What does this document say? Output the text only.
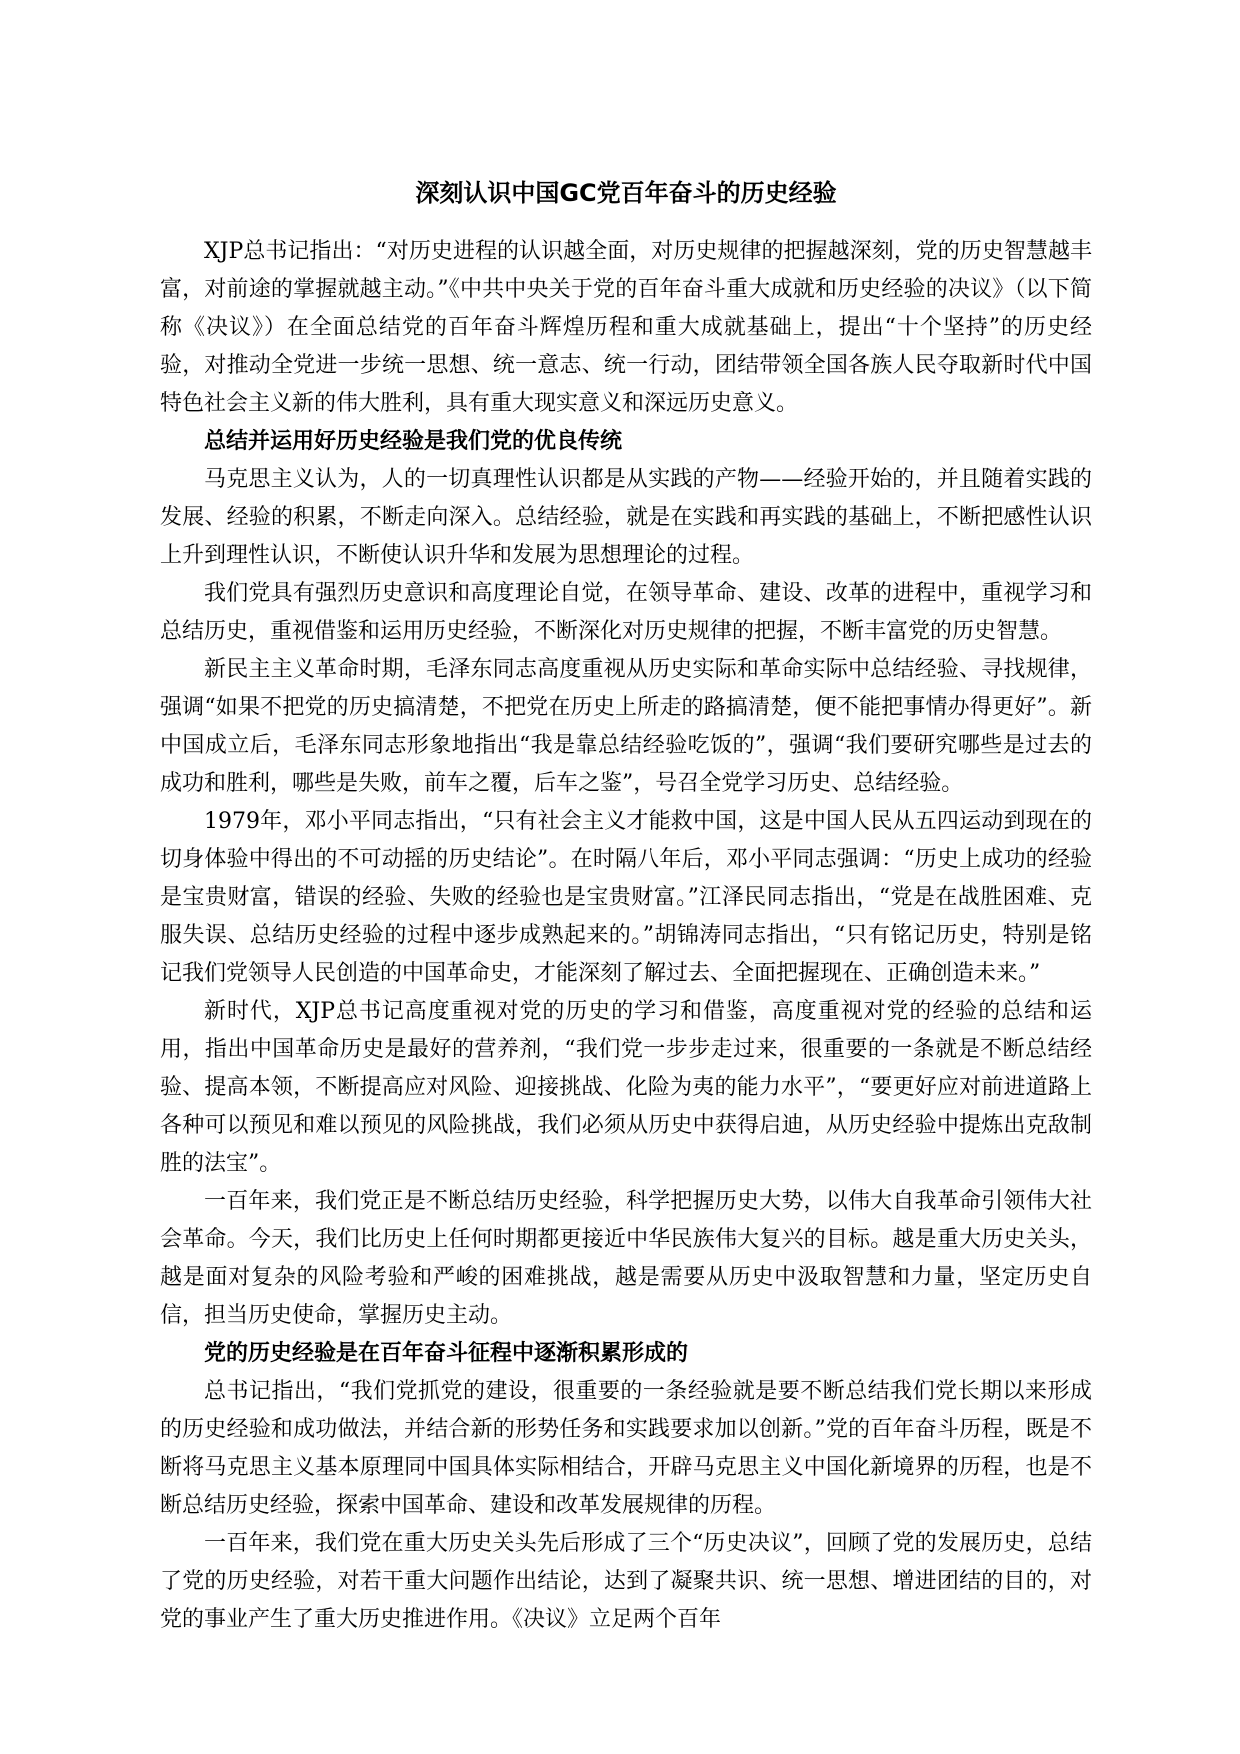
深刻认识中国GC党百年奋斗的历史经验

XJP总书记指出：“对历史进程的认识越全面，对历史规律的把握越深刻，党的历史智慧越丰富，对前途的掌握就越主动。”《中共中央关于党的百年奋斗重大成就和历史经验的决议》（以下简称《决议》）在全面总结党的百年奋斗辉煌历程和重大成就基础上，提出“十个坚持”的历史经验，对推动全党进一步统一思想、统一意志、统一行动，团结带领全国各族人民夺取新时代中国特色社会主义新的伟大胜利，具有重大现实意义和深远历史意义。

总结并运用好历史经验是我们党的优良传统

马克思主义认为，人的一切真理性认识都是从实践的产物——经验开始的，并且随着实践的发展、经验的积累，不断走向深入。总结经验，就是在实践和再实践的基础上，不断把感性认识上升到理性认识，不断使认识升华和发展为思想理论的过程。

我们党具有强烈历史意识和高度理论自觉，在领导革命、建设、改革的进程中，重视学习和总结历史，重视借鉴和运用历史经验，不断深化对历史规律的把握，不断丰富党的历史智慧。

新民主主义革命时期，毛泽东同志高度重视从历史实际和革命实际中总结经验、寻找规律，强调“如果不把党的历史搞清楚，不把党在历史上所走的路搞清楚，便不能把事情办得更好”。新中国成立后，毛泽东同志形象地指出“我是靠总结经验吃饭的”，强调“我们要研究哪些是过去的成功和胜利，哪些是失败，前车之覆，后车之鉴”，号召全党学习历史、总结经验。

1979年，邓小平同志指出，“只有社会主义才能救中国，这是中国人民从五四运动到现在的切身体验中得出的不可动摇的历史结论”。在时隔八年后，邓小平同志强调：“历史上成功的经验是宝贵财富，错误的经验、失败的经验也是宝贵财富。”江泽民同志指出，“党是在战胜困难、克服失误、总结历史经验的过程中逐步成熟起来的。”胡锦涛同志指出，“只有铭记历史，特别是铭记我们党领导人民创造的中国革命史，才能深刻了解过去、全面把握现在、正确创造未来。”

新时代，XJP总书记高度重视对党的历史的学习和借鉴，高度重视对党的经验的总结和运用，指出中国革命历史是最好的营养剂，“我们党一步步走过来，很重要的一条就是不断总结经验、提高本领，不断提高应对风险、迎接挑战、化险为夷的能力水平”，“要更好应对前进道路上各种可以预见和难以预见的风险挑战，我们必须从历史中获得启迪，从历史经验中提炼出克敌制胜的法宝”。

一百年来，我们党正是不断总结历史经验，科学把握历史大势，以伟大自我革命引领伟大社会革命。今天，我们比历史上任何时期都更接近中华民族伟大复兴的目标。越是重大历史关头，越是面对复杂的风险考验和严峻的困难挑战，越是需要从历史中汲取智慧和力量，坚定历史自信，担当历史使命，掌握历史主动。

党的历史经验是在百年奋斗征程中逐渐积累形成的

总书记指出，“我们党抓党的建设，很重要的一条经验就是要不断总结我们党长期以来形成的历史经验和成功做法，并结合新的形势任务和实践要求加以创新。”党的百年奋斗历程，既是不断将马克思主义基本原理同中国具体实际相结合，开辟马克思主义中国化新境界的历程，也是不断总结历史经验，探索中国革命、建设和改革发展规律的历程。

一百年来，我们党在重大历史关头先后形成了三个“历史决议”，回顾了党的发展历史，总结了党的历史经验，对若干重大问题作出结论，达到了凝聚共识、统一思想、增进团结的目的，对党的事业产生了重大历史推进作用。《决议》立足两个百年
